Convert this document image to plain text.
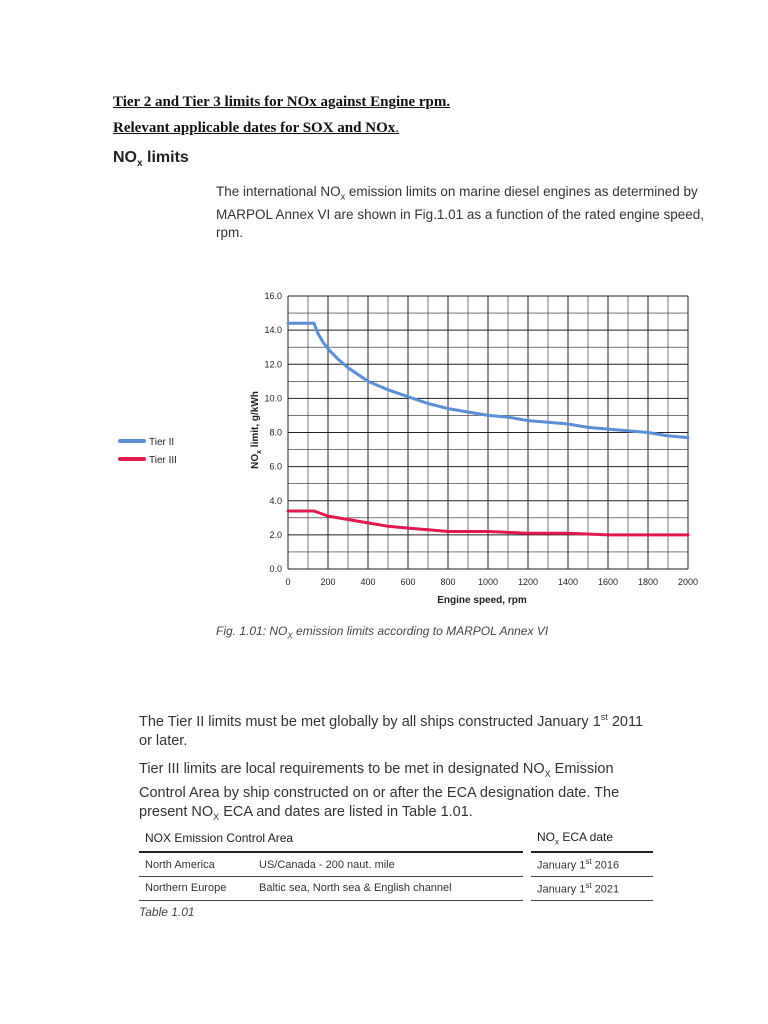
Tier 2 and Tier 3 limits for NOx against Engine rpm.
Relevant applicable dates for SOX and NOx.
$NO_x$ limits
The international $NO_x$ emission limits on marine diesel engines as determined by MARPOL Annex VI are shown in Fig.1.01 as a function of the rated engine speed, rpm.
0	200	400	600	800 1000 1200 1400 1600 1800 2000
0.0
2.0
4.0
6.0
8.0
10.0
12.0
14.0
16.0
Engine speed, rpm
$NO_x$ limit, g/kWh
Tier II
Tier III
Fig. 1.01: $NO_X$ emission limits according to MARPOL Annex VI
The Tier II limits must be met globally by all ships constructed January 1st 2011 or later.
Tier III limits are local requirements to be met in designated $NO_X$ Emission Control Area by ship constructed on or after the ECA designation date. The present $NO_X$ ECA and dates are listed in Table 1.01.
NOX Emission Control Area			$NO_x$ ECA date
North America	US/Canada - 200 naut. mile		January 1st 2016
Northern Europe	Baltic sea, North sea & English channel		January 1st 2021
Table 1.01
